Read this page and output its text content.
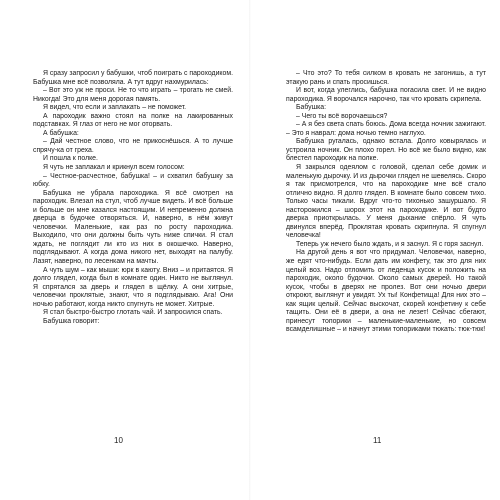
Я сразу запросил у бабушки, чтоб поиграть с пароходиком. Бабушка мне всё позволяла. А тут вдруг нахмурилась:

– Вот это уж не проси. Не то что играть – трогать не смей. Никогда! Это для меня дорогая память.

Я видел, что если и заплакать – не поможет.

А пароходик важно стоял на полке на лакированных подставках. Я глаз от него не мог оторвать.

А бабушка:

– Дай честное слово, что не прикоснёшься. А то лучше спрячу-ка от греха.

И пошла к полке.

Я чуть не заплакал и крикнул всем голосом:

– Честное-расчестное, бабушка! – и схватил бабушку за юбку.

Бабушка не убрала пароходика. Я всё смотрел на пароходик. Влезал на стул, чтоб лучше видеть. И всё больше и больше он мне казался настоящим. И непременно должна дверца в будочке отворяться. И, наверно, в нём живут человечки. Маленькие, как раз по росту пароходика. Выходило, что они должны быть чуть ниже спички. Я стал ждать, не поглядит ли кто из них в окошечко. Наверно, подглядывают. А когда дома никого нет, выходят на палубу. Лазят, наверно, по лесенкам на мачты.

А чуть шум – как мыши: юрк в каюту. Вниз – и притаятся. Я долго глядел, когда был в комнате один. Никто не выглянул. Я спрятался за дверь и глядел в щёлку. А они хитрые, человечки проклятые, знают, что я подглядываю. Ага! Они ночью работают, когда никто спугнуть не может. Хитрые.

Я стал быстро-быстро глотать чай. И запросился спать.

Бабушка говорит:

– Что это? То тебя силком в кровать не загонишь, а тут этакую рань и спать просишься.

И вот, когда улеглись, бабушка погасила свет. И не видно пароходика. Я ворочался нарочно, так что кровать скрипела.

Бабушка:

– Чего ты всё ворочаешься?

– А я без света спать боюсь. Дома всегда ночник зажигают. – Это я наврал: дома ночью темно наглухо.

Бабушка ругалась, однако встала. Долго ковырялась и устроила ночник. Он плохо горел. Но всё же было видно, как блестел пароходик на полке.

Я закрылся одеялом с головой, сделал себе домик и маленькую дырочку. И из дырочки глядел не шевелясь. Скоро я так присмотрелся, что на пароходике мне всё стало отлично видно. Я долго глядел. В комнате было совсем тихо. Только часы тикали. Вдруг что-то тихонько зашуршало. Я насторожился – шорох этот на пароходике. И вот будто дверка приоткрылась. У меня дыхание спёрло. Я чуть двинулся вперёд. Проклятая кровать скрипнула. Я спугнул человечка!

Теперь уж нечего было ждать, и я заснул. Я с горя заснул.

На другой день я вот что придумал. Человечки, наверно, же едят что-нибудь. Если дать им конфету, так это для них целый воз. Надо отломить от леденца кусок и положить на пароходик, около будочки. Около самых дверей. Но такой кусок, чтобы в дверях не пролез. Вот они ночью двери откроют, выглянут и увидят. Ух ты! Конфетища! Для них это – как ящик целый. Сейчас выскочат, скорей конфетину к себе тащить. Они её в двери, а она не лезет! Сейчас сбегают, принесут топорики – маленькие-маленькие, но совсем всамделишные – и начнут этими топориками тюкать: тюк-тюк!

10	11
